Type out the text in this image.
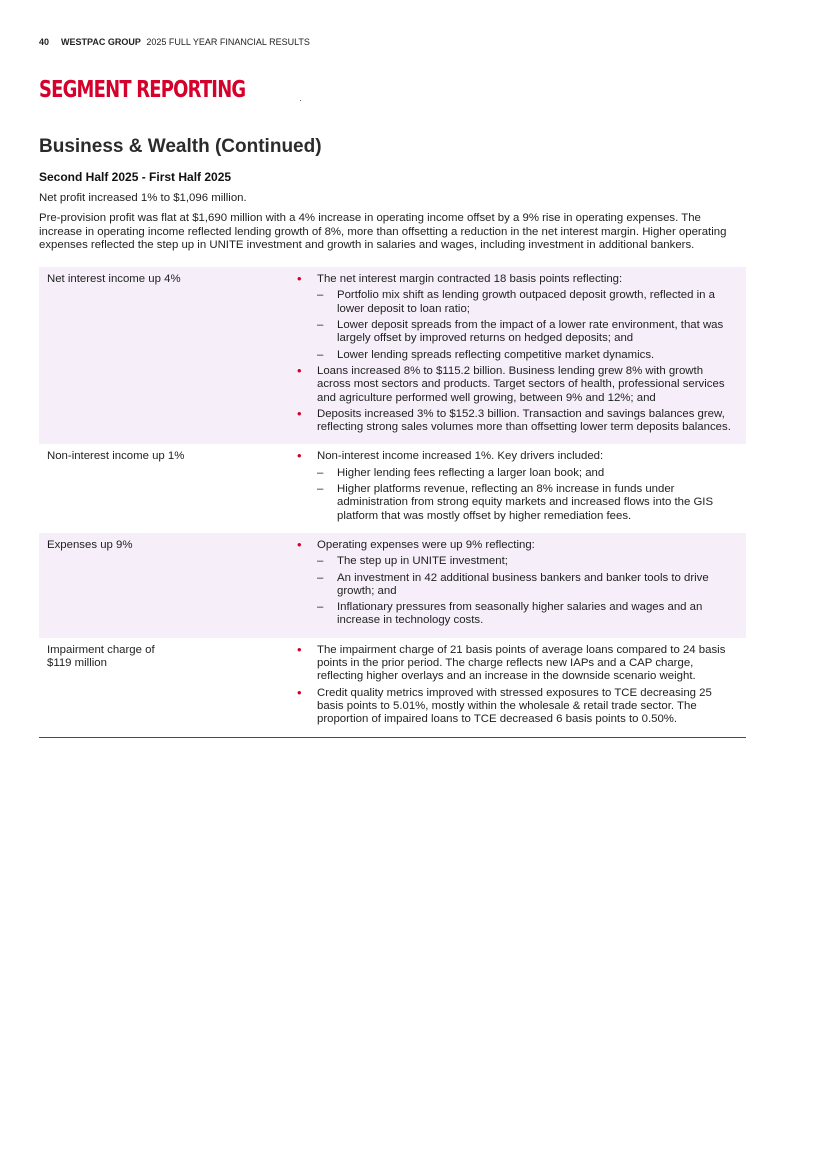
40 WESTPAC GROUP 2025 FULL YEAR FINANCIAL RESULTS
SEGMENT REPORTING
Business & Wealth (Continued)
Second Half 2025 - First Half 2025

Net profit increased 1% to $1,096 million.

Pre-provision profit was flat at $1,690 million with a 4% increase in operating income offset by a 9% rise in operating expenses. The increase in operating income reflected lending growth of 8%, more than offsetting a reduction in the net interest margin. Higher operating expenses reflected the step up in UNITE investment and growth in salaries and wages, including investment in additional bankers.

Net interest income up 4%	• The net interest margin contracted 18 basis points reflecting:
– Portfolio mix shift as lending growth outpaced deposit growth, reflected in a lower deposit to loan ratio;
– Lower deposit spreads from the impact of a lower rate environment, that was largely offset by improved returns on hedged deposits; and
– Lower lending spreads reflecting competitive market dynamics.
• Loans increased 8% to $115.2 billion. Business lending grew 8% with growth across most sectors and products. Target sectors of health, professional services and agriculture performed well growing, between 9% and 12%; and
• Deposits increased 3% to $152.3 billion. Transaction and savings balances grew, reflecting strong sales volumes more than offsetting lower term deposits balances.
Non-interest income up 1%	• Non-interest income increased 1%. Key drivers included:
– Higher lending fees reflecting a larger loan book; and
– Higher platforms revenue, reflecting an 8% increase in funds under administration from strong equity markets and increased flows into the GIS platform that was mostly offset by higher remediation fees.
Expenses up 9%	• Operating expenses were up 9% reflecting:
– The step up in UNITE investment;
– An investment in 42 additional business bankers and banker tools to drive growth; and
– Inflationary pressures from seasonally higher salaries and wages and an increase in technology costs.
Impairment charge of $119 million
• The impairment charge of 21 basis points of average loans compared to 24 basis points in the prior period. The charge reflects new IAPs and a CAP charge, reflecting higher overlays and an increase in the downside scenario weight.
• Credit quality metrics improved with stressed exposures to TCE decreasing 25 basis points to 5.01%, mostly within the wholesale & retail trade sector. The proportion of impaired loans to TCE decreased 6 basis points to 0.50%.
